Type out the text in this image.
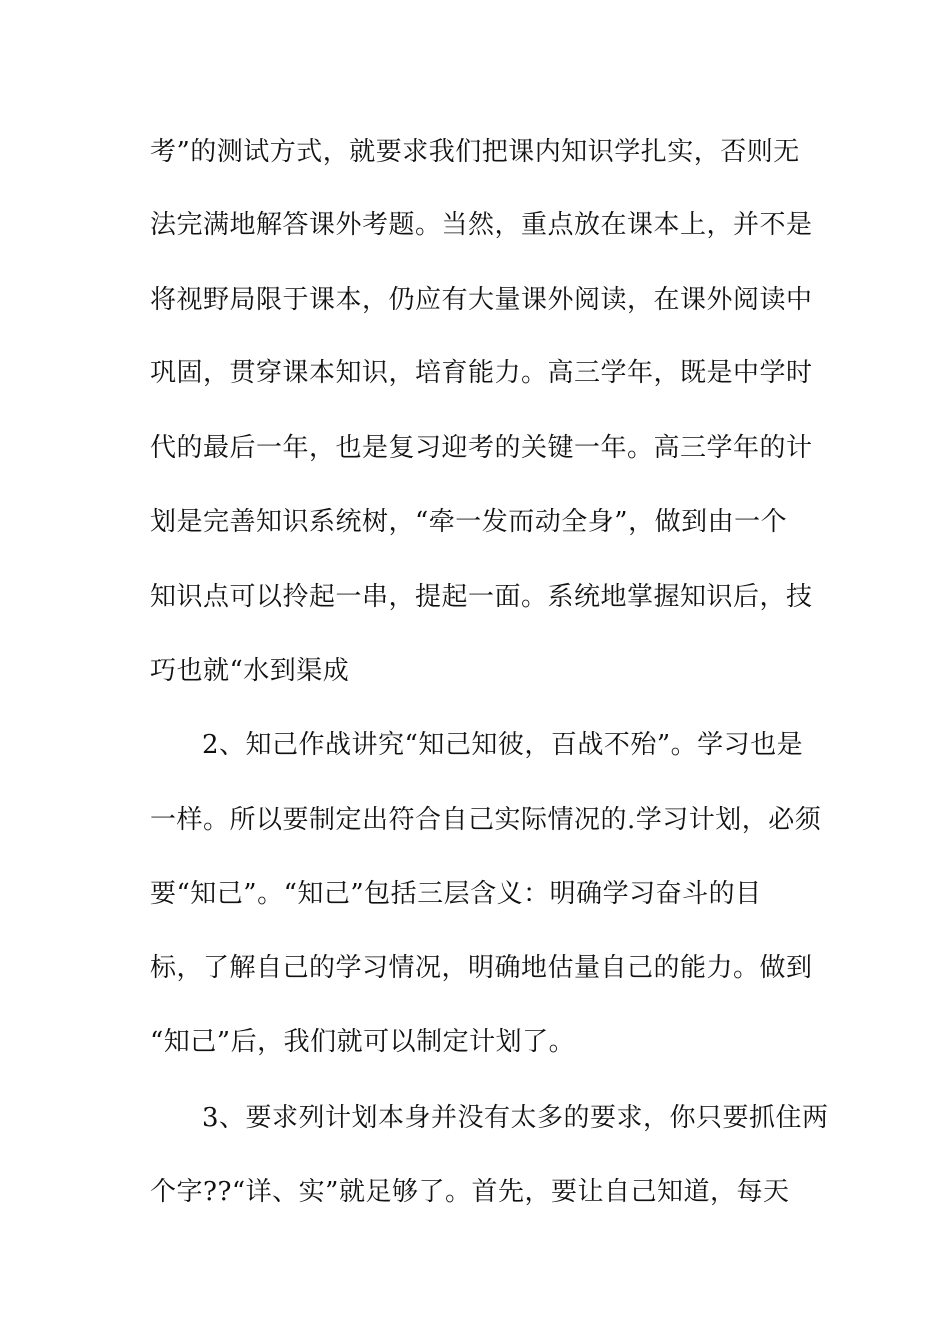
考”的测试方式，就要求我们把课内知识学扎实，否则无
法完满地解答课外考题。当然，重点放在课本上，并不是
将视野局限于课本，仍应有大量课外阅读，在课外阅读中
巩固，贯穿课本知识，培育能力。高三学年，既是中学时
代的最后一年，也是复习迎考的关键一年。高三学年的计
划是完善知识系统树，“牵一发而动全身”，做到由一个
知识点可以拎起一串，提起一面。系统地掌握知识后，技
巧也就“水到渠成
2、知己作战讲究“知己知彼，百战不殆”。学习也是
一样。所以要制定出符合自己实际情况的.学习计划，必须
要“知己”。“知己”包括三层含义：明确学习奋斗的目
标，了解自己的学习情况，明确地估量自己的能力。做到
“知己”后，我们就可以制定计划了。
3、要求列计划本身并没有太多的要求，你只要抓住两
个字??“详、实”就足够了。首先，要让自己知道，每天
